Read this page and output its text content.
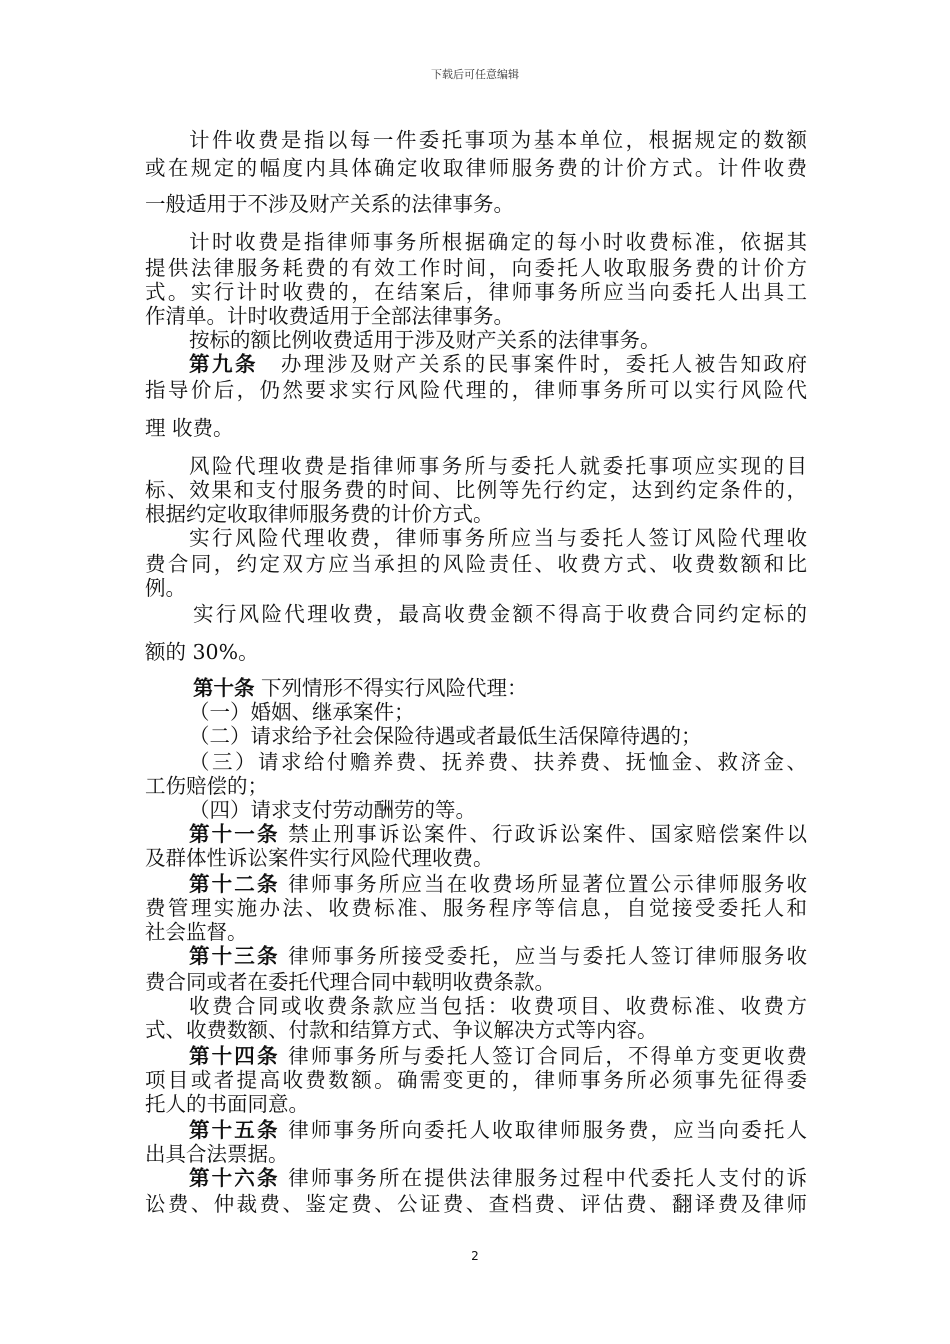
下载后可任意编辑
计件收费是指以每一件委托事项为基本单位，根据规定的数额
或在规定的幅度内具体确定收取律师服务费的计价方式。计件收费
一般适用于不涉及财产关系的法律事务。
计时收费是指律师事务所根据确定的每小时收费标准，依据其
提供法律服务耗费的有效工作时间，向委托人收取服务费的计价方
式。实行计时收费的，在结案后，律师事务所应当向委托人出具工
作清单。计时收费适用于全部法律事务。
按标的额比例收费适用于涉及财产关系的法律事务。
第九条　办理涉及财产关系的民事案件时，委托人被告知政府
指导价后，仍然要求实行风险代理的，律师事务所可以实行风险代
理 收费。
风险代理收费是指律师事务所与委托人就委托事项应实现的目
标、效果和支付服务费的时间、比例等先行约定，达到约定条件的，
根据约定收取律师服务费的计价方式。
实行风险代理收费，律师事务所应当与委托人签订风险代理收
费合同，约定双方应当承担的风险责任、收费方式、收费数额和比
例。
实行风险代理收费，最高收费金额不得高于收费合同约定标的
额的 30%。
第十条 下列情形不得实行风险代理：
（一）婚姻、继承案件；
（二）请求给予社会保险待遇或者最低生活保障待遇的；
（三）请求给付赡养费、抚养费、扶养费、抚恤金、救济金、
工伤赔偿的；
（四）请求支付劳动酬劳的等。
第十一条 禁止刑事诉讼案件、行政诉讼案件、国家赔偿案件以
及群体性诉讼案件实行风险代理收费。
第十二条 律师事务所应当在收费场所显著位置公示律师服务收
费管理实施办法、收费标准、服务程序等信息，自觉接受委托人和
社会监督。
第十三条 律师事务所接受委托，应当与委托人签订律师服务收
费合同或者在委托代理合同中载明收费条款。
收费合同或收费条款应当包括：收费项目、收费标准、收费方
式、收费数额、付款和结算方式、争议解决方式等内容。
第十四条 律师事务所与委托人签订合同后，不得单方变更收费
项目或者提高收费数额。确需变更的，律师事务所必须事先征得委
托人的书面同意。
第十五条 律师事务所向委托人收取律师服务费，应当向委托人
出具合法票据。
第十六条 律师事务所在提供法律服务过程中代委托人支付的诉
讼费、仲裁费、鉴定费、公证费、查档费、评估费、翻译费及律师
2
